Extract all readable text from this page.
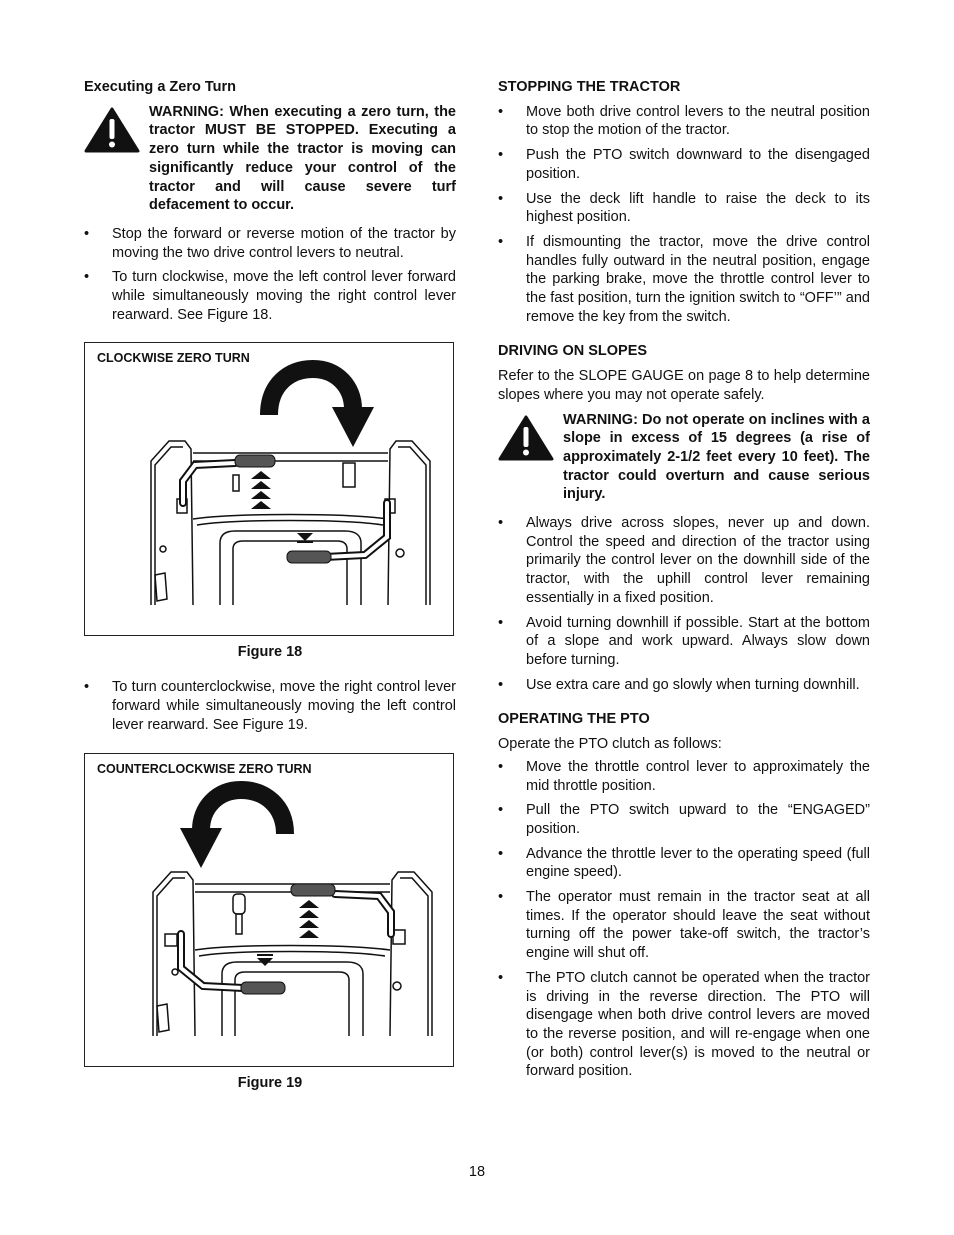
Executing a Zero Turn
WARNING: When executing a zero turn, the tractor MUST BE STOPPED. Executing a zero turn while the tractor is moving can significantly reduce your control of the tractor and will cause severe turf defacement to occur.
• Stop the forward or reverse motion of the tractor by moving the two drive control levers to neutral.
• To turn clockwise, move the left control lever forward while simultaneously moving the right control lever rearward. See Figure 18.
CLOCKWISE ZERO TURN
Figure 18
• To turn counterclockwise, move the right control lever forward while simultaneously moving the left control lever rearward. See Figure 19.
COUNTERCLOCKWISE ZERO TURN
Figure 19
STOPPING THE TRACTOR
• Move both drive control levers to the neutral position to stop the motion of the tractor.
• Push the PTO switch downward to the disengaged position.
• Use the deck lift handle to raise the deck to its highest position.
• If dismounting the tractor, move the drive control handles fully outward in the neutral position, engage the parking brake, move the throttle control lever to the fast position, turn the ignition switch to “OFF’” and remove the key from the switch.
DRIVING ON SLOPES

Refer to the SLOPE GAUGE on page 8 to help determine slopes where you may not operate safely.

WARNING: Do not operate on inclines with a slope in excess of 15 degrees (a rise of approximately 2-1/2 feet every 10 feet). The tractor could overturn and cause serious injury.
• Always drive across slopes, never up and down. Control the speed and direction of the tractor using primarily the control lever on the downhill side of the tractor, with the uphill control lever remaining essentially in a fixed position.
• Avoid turning downhill if possible. Start at the bottom of a slope and work upward. Always slow down before turning.
• Use extra care and go slowly when turning downhill.
OPERATING THE PTO

Operate the PTO clutch as follows:

• Move the throttle control lever to approximately the mid throttle position.
• Pull the PTO switch upward to the “ENGAGED” position.
• Advance the throttle lever to the operating speed (full engine speed).
• The operator must remain in the tractor seat at all times. If the operator should leave the seat without turning off the power take-off switch, the tractor’s engine will shut off.
• The PTO clutch cannot be operated when the tractor is driving in the reverse direction. The PTO will disengage when both drive control levers are moved to the reverse position, and will re-engage when one (or both) control lever(s) is moved to the neutral or forward position.
18
